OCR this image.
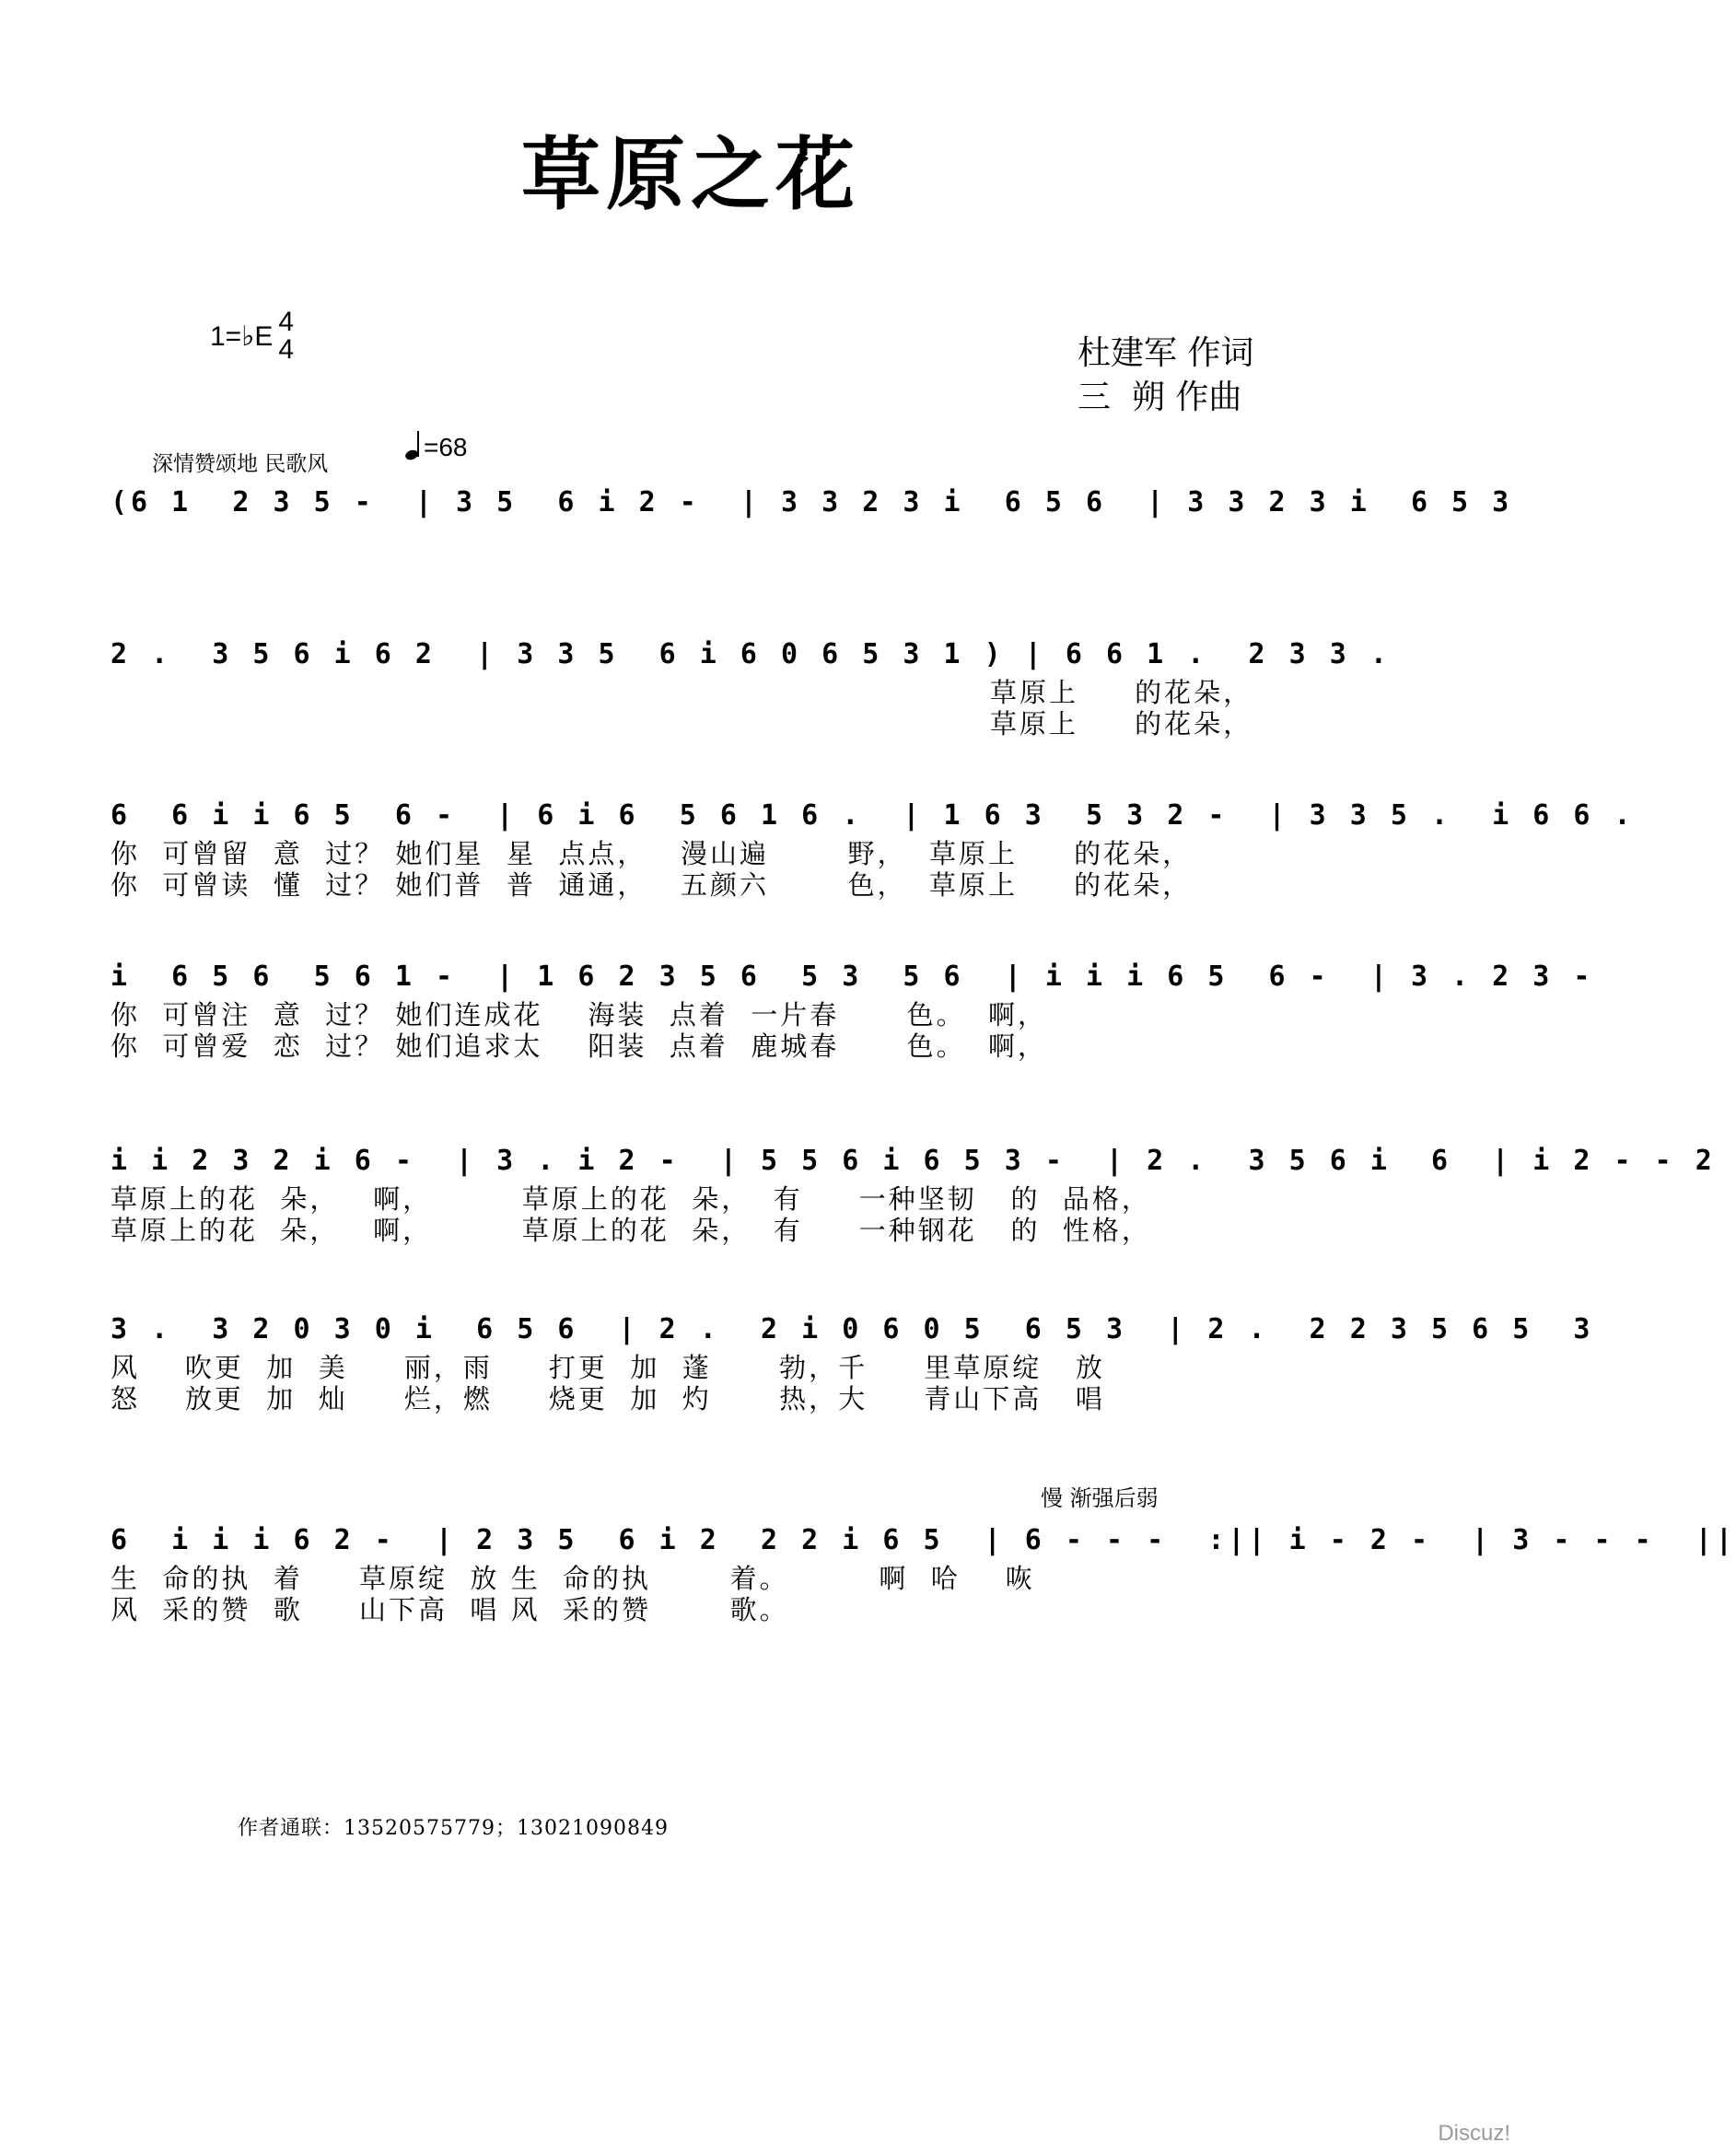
草原之花
1=♭E 4
4	杜建军 作词
三  朔 作曲
深情赞颂地 民歌风
=68
(6 1  2 3 5 -  | 3 5  6 i 2 -  | 3 3 2 3 i  6 5 6  | 3 3 2 3 i  6 5 3
2 .  3 5 6 i 6 2  | 3 3 5  6 i 6 0 6 5 3 1 ) | 6 6 1 .  2 3 3 .
草原上     的花朵，
草原上     的花朵，
6  6 i i 6 5  6 -  | 6 i 6  5 6 1 6 .  | 1 6 3  5 3 2 -  | 3 3 5 .  i 6 6 .
你  可曾留  意  过？ 她们星  星  点点，   漫山遍       野，  草原上     的花朵，
你  可曾读  懂  过？ 她们普  普  通通，   五颜六       色，  草原上     的花朵，
i  6 5 6  5 6 1 -  | 1 6 2 3 5 6  5 3  5 6  | i i i 6 5  6 -  | 3 . 2 3 -
你  可曾注  意  过？ 她们连成花    海装  点着  一片春      色。  啊，
你  可曾爱  恋  过？ 她们追求太    阳装  点着  鹿城春      色。  啊，
i i 2 3 2 i 6 -  | 3 . i 2 -  | 5 5 6 i 6 5 3 -  | 2 .  3 5 6 i  6  | i 2 - - 2
草原上的花  朵，   啊，        草原上的花  朵，  有     一种坚韧   的  品格，
草原上的花  朵，   啊，        草原上的花  朵，  有     一种钢花   的  性格，
3 .  3 2 0 3 0 i  6 5 6  | 2 .  2 i 0 6 0 5  6 5 3  | 2 .  2 2 3 5 6 5  3
风    吹更  加  美     丽，雨     打更  加  蓬      勃，千     里草原绽   放
怒    放更  加  灿     烂，燃     烧更  加  灼      热，大     青山下高   唱
慢 渐强后弱
6  i i i 6 2 -  | 2 3 5  6 i 2  2 2 i 6 5  | 6 - - -  :|| i - 2 -  | 3 - - -  ||
生  命的执  着     草原绽  放 生  命的执       着。        啊  哈    咴
风  采的赞  歌     山下高  唱 风  采的赞       歌。
作者通联：13520575779；13021090849
Discuz!
